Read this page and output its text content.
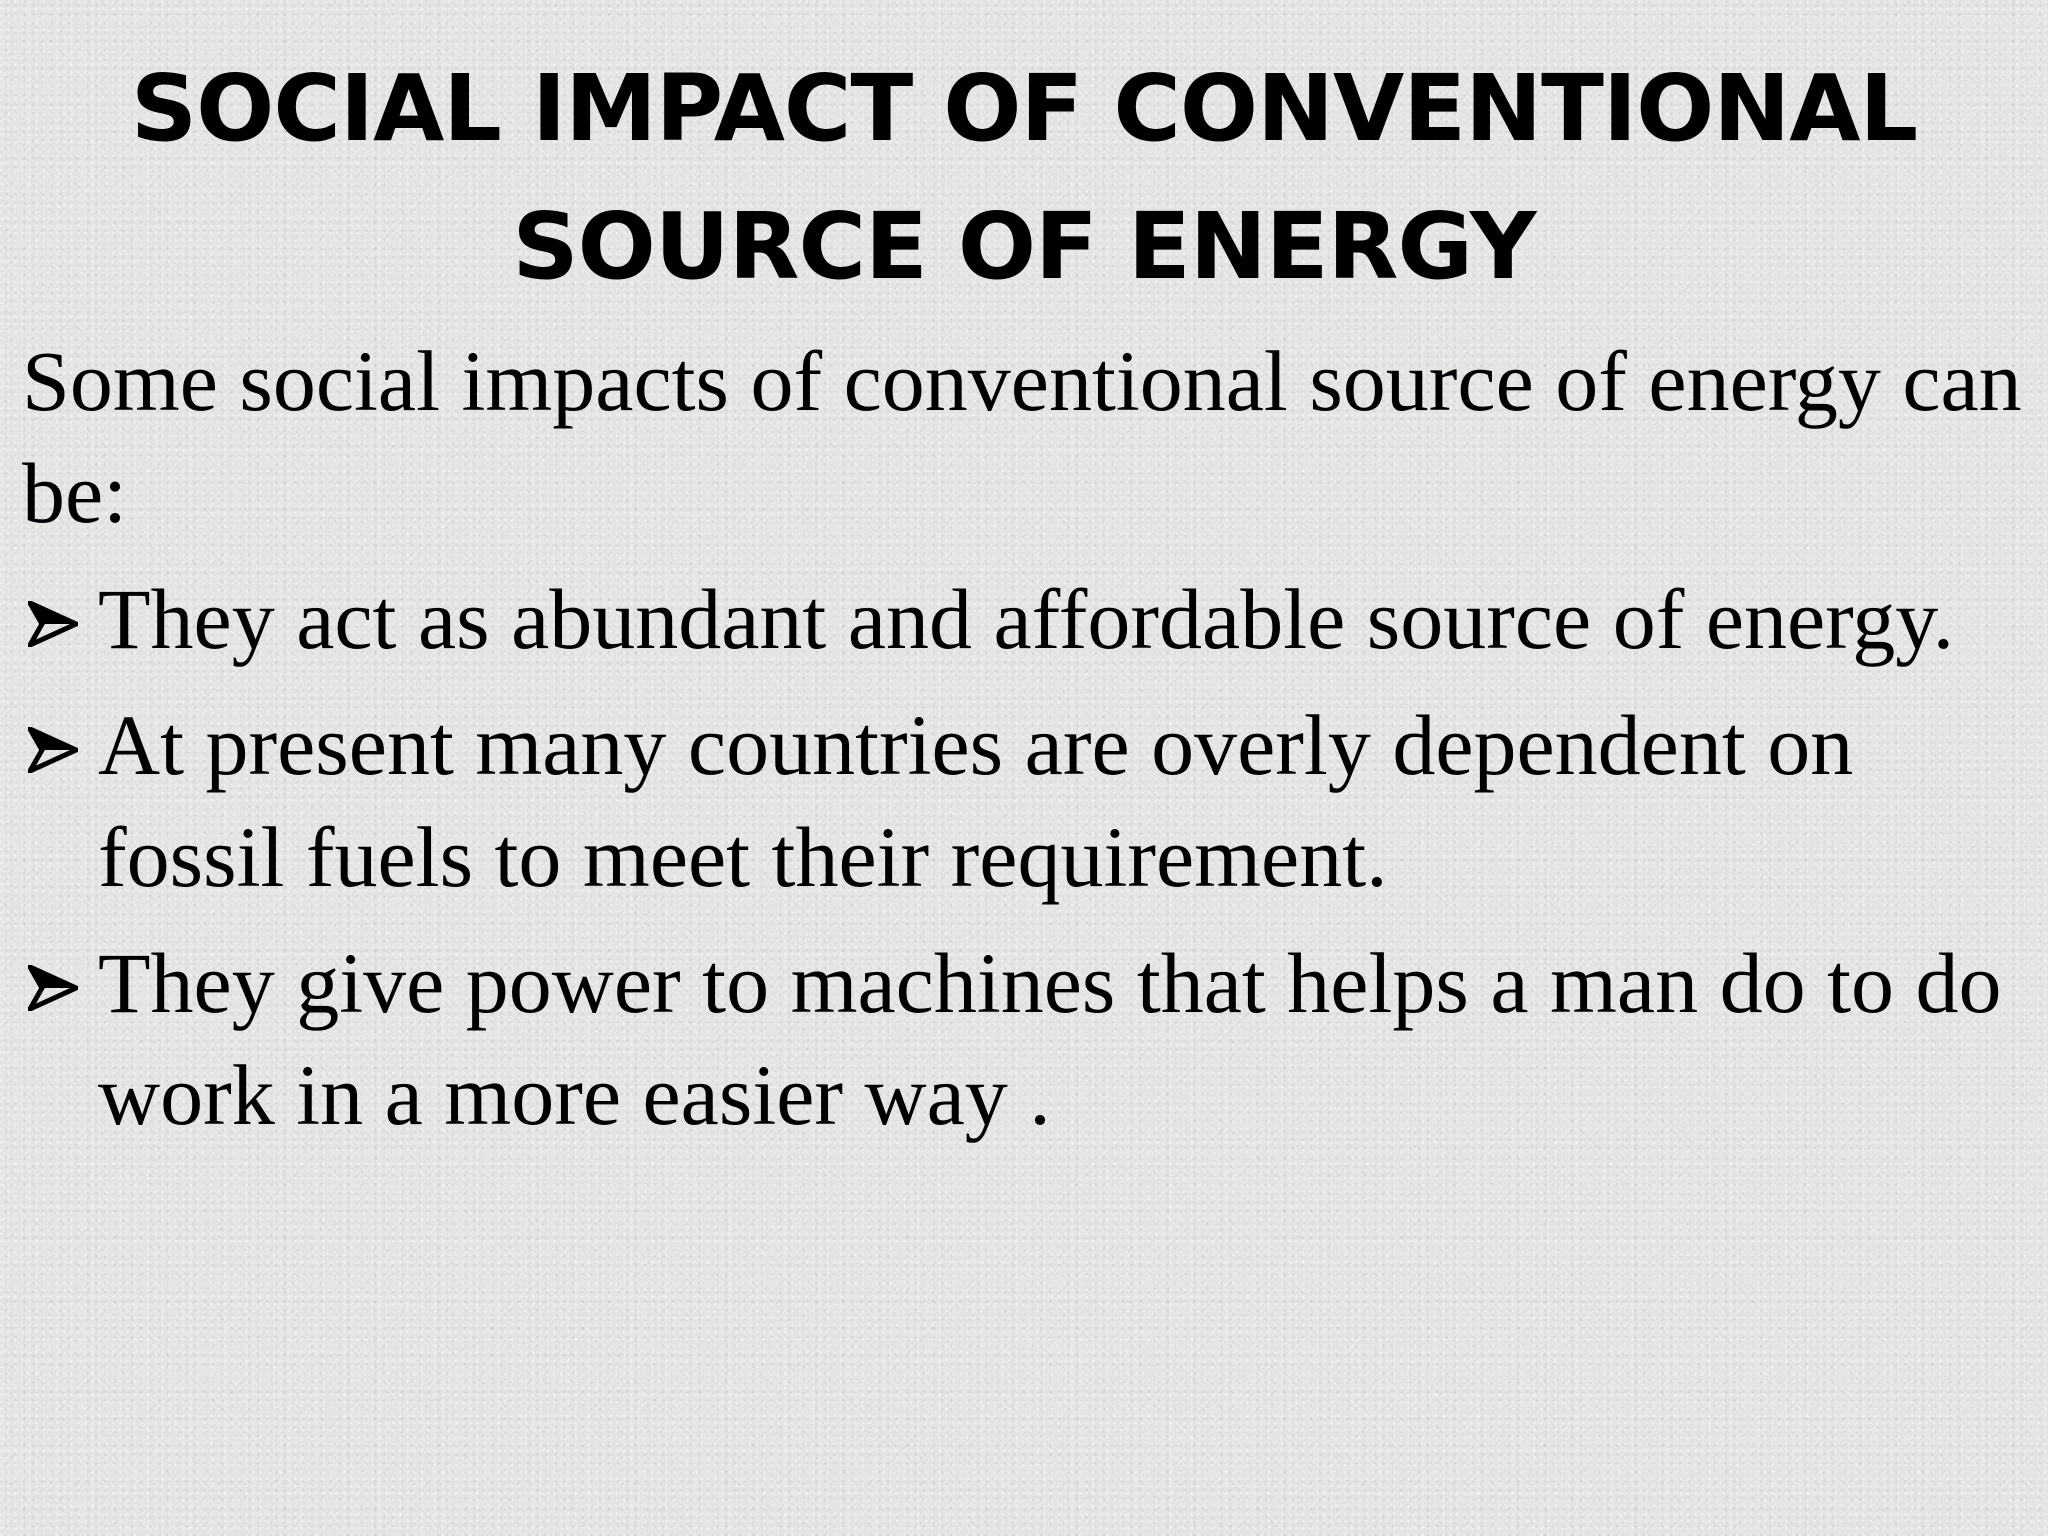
SOCIAL IMPACT OF CONVENTIONAL
SOURCE OF ENERGY

Some social impacts of conventional source of energy can be:

They act as abundant and affordable source of energy.
At present many countries are overly dependent on fossil fuels to meet their requirement.
They give power to machines that helps a man do to do work in a more easier way .
